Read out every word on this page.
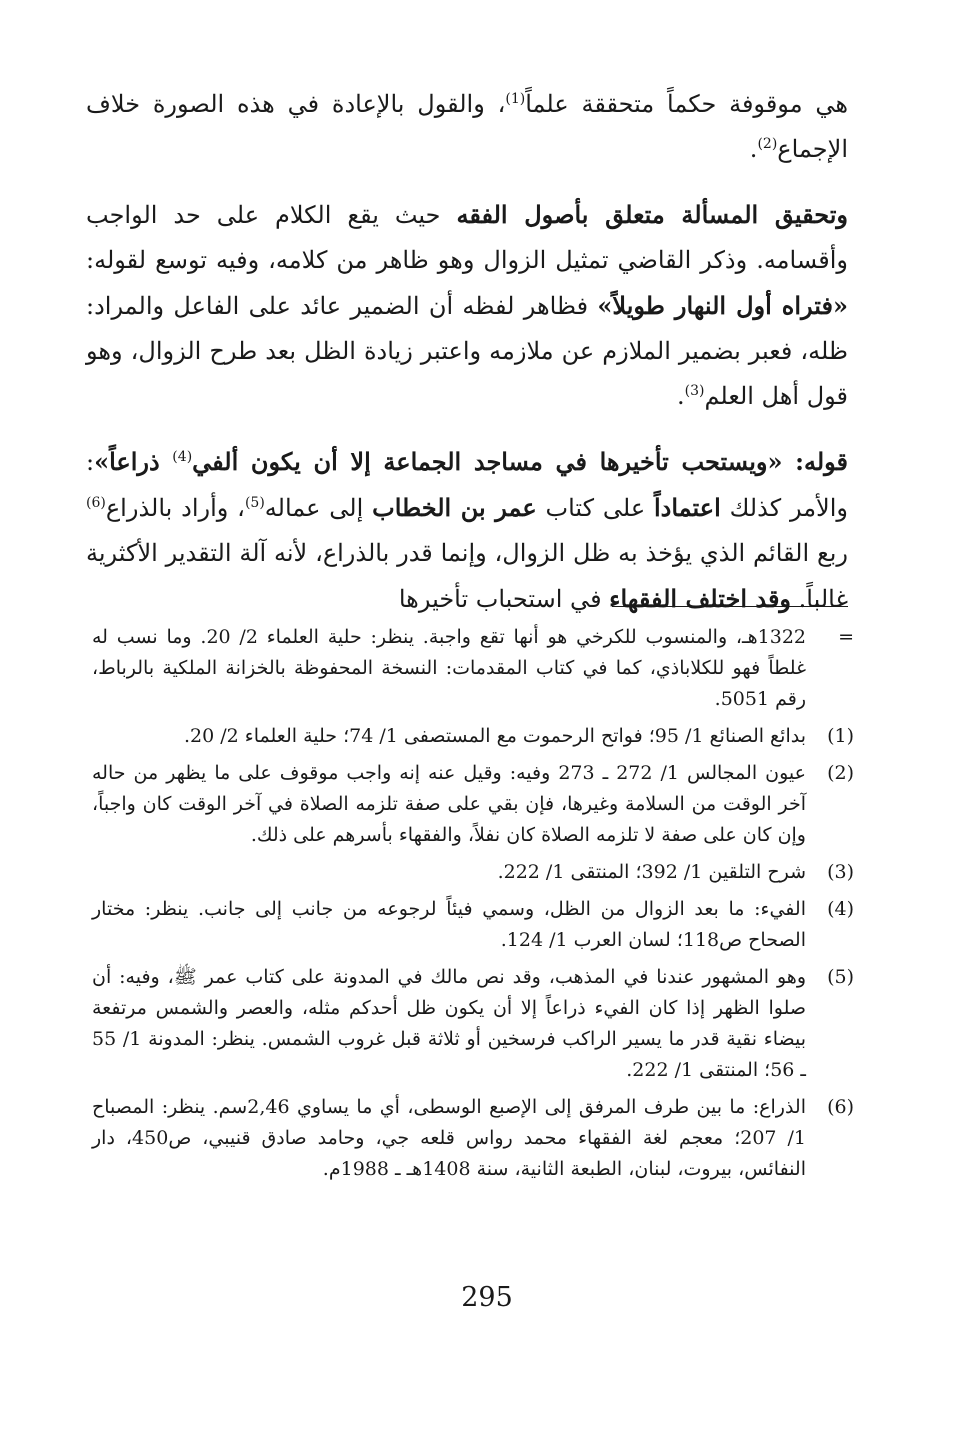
هي موقوفة حكماً متحققة علماً$^{(1)}$، والقول بالإعادة في هذه الصورة خلاف الإجماع$^{(2)}$.

وتحقيق المسألة متعلق بأصول الفقه حيث يقع الكلام على حد الواجب وأقسامه. وذكر القاضي تمثيل الزوال وهو ظاهر من كلامه، وفيه توسع لقوله: «فتراه أول النهار طويلاً» فظاهر لفظه أن الضمير عائد على الفاعل والمراد: ظله، فعبر بضمير الملازم عن ملازمه واعتبر زيادة الظل بعد طرح الزوال، وهو قول أهل العلم$^{(3)}$.

قوله: «ويستحب تأخيرها في مساجد الجماعة إلا أن يكون ألفي$^{(4)}$ ذراعاً»: والأمر كذلك اعتماداً على كتاب عمر بن الخطاب إلى عماله$^{(5)}$، وأراد بالذراع$^{(6)}$ ربع القائم الذي يؤخذ به ظل الزوال، وإنما قدر بالذراع، لأنه آلة التقدير الأكثرية غالباً. وقد اختلف الفقهاء في استحباب تأخيرها

=
1322هـ، والمنسوب للكرخي هو أنها تقع واجبة. ينظر: حلية العلماء 2/ 20. وما نسب له غلطاً فهو للكلاباذي، كما في كتاب المقدمات: النسخة المحفوظة بالخزانة الملكية بالرباط، رقم 5051.
(1)
بدائع الصنائع 1/ 95؛ فواتح الرحموت مع المستصفى 1/ 74؛ حلية العلماء 2/ 20.
(2)
عيون المجالس 1/ 272 ـ 273 وفيه: وقيل عنه إنه واجب موقوف على ما يظهر من حاله آخر الوقت من السلامة وغيرها، فإن بقي على صفة تلزمه الصلاة في آخر الوقت كان واجباً، وإن كان على صفة لا تلزمه الصلاة كان نفلاً، والفقهاء بأسرهم على ذلك.
(3)
شرح التلقين 1/ 392؛ المنتقى 1/ 222.
(4)
الفيء: ما بعد الزوال من الظل، وسمي فيئاً لرجوعه من جانب إلى جانب. ينظر: مختار الصحاح ص118؛ لسان العرب 1/ 124.
(5)
وهو المشهور عندنا في المذهب، وقد نص مالك في المدونة على كتاب عمر ﷺ، وفيه: أن صلوا الظهر إذا كان الفيء ذراعاً إلا أن يكون ظل أحدكم مثله، والعصر والشمس مرتفعة بيضاء نقية قدر ما يسير الراكب فرسخين أو ثلاثة قبل غروب الشمس. ينظر: المدونة 1/ 55 ـ 56؛ المنتقى 1/ 222.
(6)
الذراع: ما بين طرف المرفق إلى الإصبع الوسطى، أي ما يساوي 2,46سم. ينظر: المصباح 1/ 207؛ معجم لغة الفقهاء محمد رواس قلعه جي، وحامد صادق قنيبي، ص450، دار النفائس، بيروت، لبنان، الطبعة الثانية، سنة 1408هـ ـ 1988م.
295
